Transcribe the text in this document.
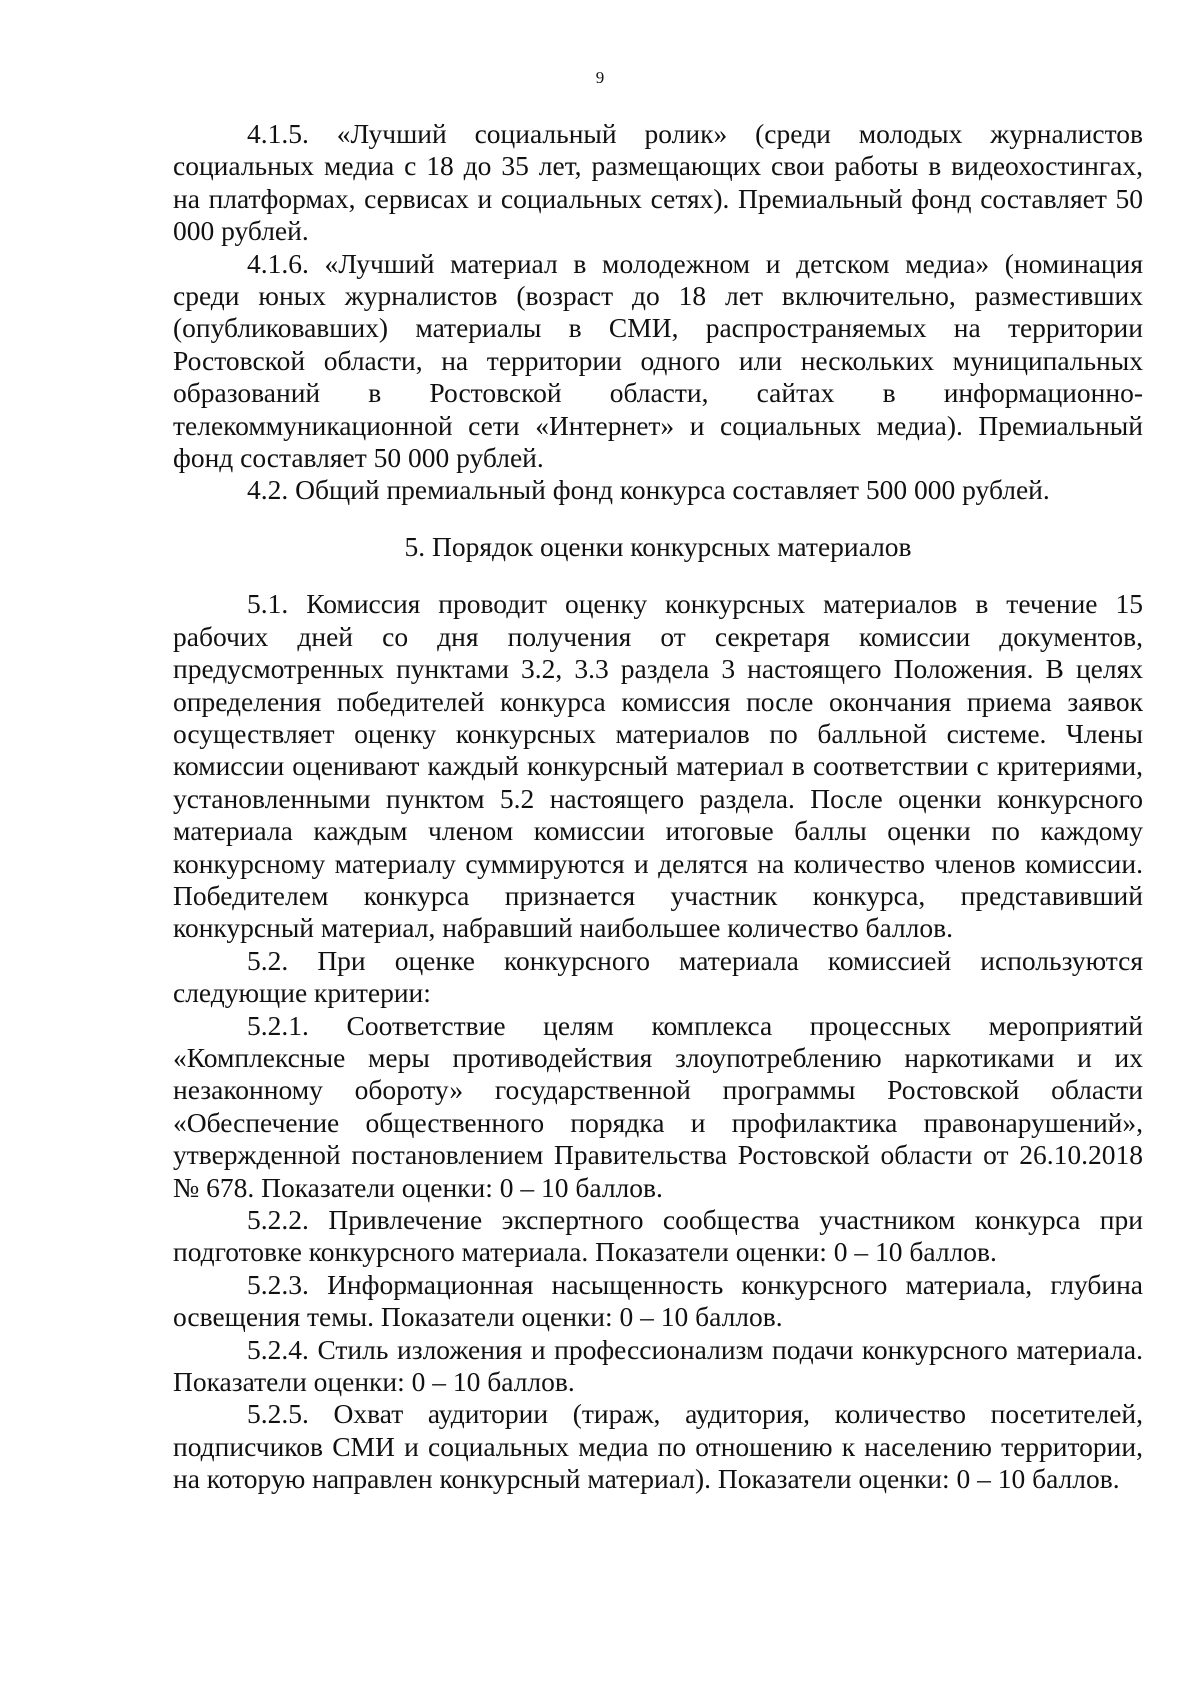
9

4.1.5. «Лучший социальный ролик» (среди молодых журналистов социальных медиа с 18 до 35 лет, размещающих свои работы в видеохостингах, на платформах, сервисах и социальных сетях). Премиальный фонд составляет 50 000 рублей.

4.1.6. «Лучший материал в молодежном и детском медиа» (номинация среди юных журналистов (возраст до 18 лет включительно, разместивших (опубликовавших) материалы в СМИ, распространяемых на территории Ростовской области, на территории одного или нескольких муниципальных образований в Ростовской области, сайтах в информационно-телекоммуникационной сети «Интернет» и социальных медиа). Премиальный фонд составляет 50 000 рублей.

4.2. Общий премиальный фонд конкурса составляет 500 000 рублей.

5. Порядок оценки конкурсных материалов

5.1. Комиссия проводит оценку конкурсных материалов в течение 15 рабочих дней со дня получения от секретаря комиссии документов, предусмотренных пунктами 3.2, 3.3 раздела 3 настоящего Положения. В целях определения победителей конкурса комиссия после окончания приема заявок осуществляет оценку конкурсных материалов по балльной системе. Члены комиссии оценивают каждый конкурсный материал в соответствии с критериями, установленными пунктом 5.2 настоящего раздела. После оценки конкурсного материала каждым членом комиссии итоговые баллы оценки по каждому конкурсному материалу суммируются и делятся на количество членов комиссии. Победителем конкурса признается участник конкурса, представивший конкурсный материал, набравший наибольшее количество баллов.

5.2. При оценке конкурсного материала комиссией используются следующие критерии:

5.2.1. Соответствие целям комплекса процессных мероприятий «Комплексные меры противодействия злоупотреблению наркотиками и их незаконному обороту» государственной программы Ростовской области «Обеспечение общественного порядка и профилактика правонарушений», утвержденной постановлением Правительства Ростовской области от 26.10.2018 № 678. Показатели оценки: 0 – 10 баллов.

5.2.2. Привлечение экспертного сообщества участником конкурса при подготовке конкурсного материала. Показатели оценки: 0 – 10 баллов.

5.2.3. Информационная насыщенность конкурсного материала, глубина освещения темы. Показатели оценки: 0 – 10 баллов.

5.2.4. Стиль изложения и профессионализм подачи конкурсного материала. Показатели оценки: 0 – 10 баллов.

5.2.5. Охват аудитории (тираж, аудитория, количество посетителей, подписчиков СМИ и социальных медиа по отношению к населению территории, на которую направлен конкурсный материал). Показатели оценки: 0 – 10 баллов.
